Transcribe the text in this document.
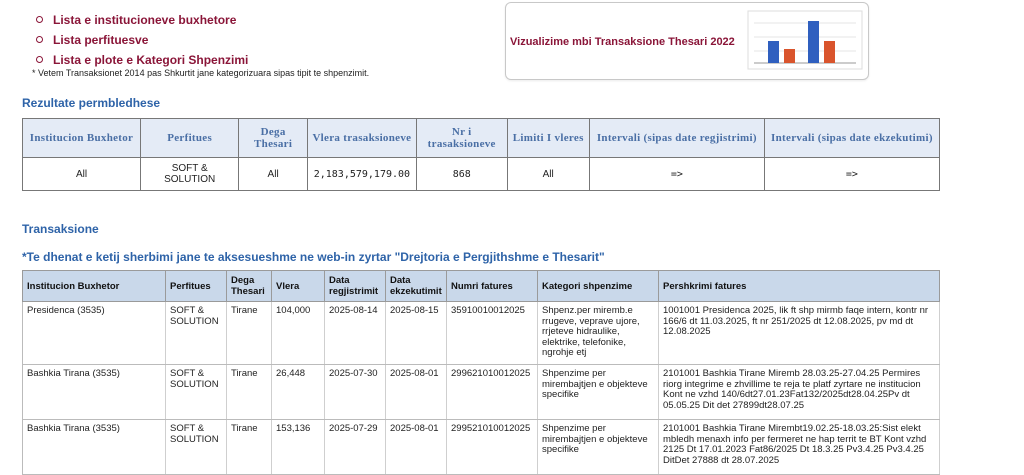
Lista e institucioneve buxhetore
Lista perfituesve
Lista e plote e Kategori Shpenzimi
* Vetem Transaksionet 2014 pas Shkurtit jane kategorizuara sipas tipit te shpenzimit.
Vizualizime mbi Transaksione Thesari 2022
Rezultate permbledhese
Institucion Buxhetor	Perfitues	Dega Thesari	Vlera trasaksioneve	Nr i trasaksioneve	Limiti I vleres	Intervali (sipas date regjistrimi)	Intervali (sipas date ekzekutimi)
All	SOFT & SOLUTION	All	2,183,579,179.00	868	All	=>	=>
Transaksione
*Te dhenat e ketij sherbimi jane te aksesueshme ne web-in zyrtar "Drejtoria e Pergjithshme e Thesarit"
Institucion Buxhetor	Perfitues	Dega Thesari	Vlera	Data regjistrimit	Data ekzekutimit	Numri fatures	Kategori shpenzime	Pershkrimi fatures
Presidenca (3535)	SOFT & SOLUTION	Tirane	104,000	2025-08-14	2025-08-15	35910010012025	Shpenz.per miremb.e rrugeve, veprave ujore, rrjeteve hidraulike, elektrike, telefonike, ngrohje etj	1001001 Presidenca 2025, lik ft shp mirmb faqe intern, kontr nr 166/6 dt 11.03.2025, ft nr 251/2025 dt 12.08.2025, pv md dt 12.08.2025
Bashkia Tirana (3535)	SOFT & SOLUTION	Tirane	26,448	2025-07-30	2025-08-01	299621010012025	Shpenzime per mirembajtjen e objekteve specifike	2101001 Bashkia Tirane Miremb 28.03.25-27.04.25 Permires riorg integrime e zhvillime te reja te platf zyrtare ne institucion Kont ne vzhd 140/6dt27.01.23Fat132/2025dt28.04.25Pv dt 05.05.25 Dit det 27899dt28.07.25
Bashkia Tirana (3535)	SOFT & SOLUTION	Tirane	153,136	2025-07-29	2025-08-01	299521010012025	Shpenzime per mirembajtjen e objekteve specifike	2101001 Bashkia Tirane Mirembt19.02.25-18.03.25:Sist elekt mbledh menaxh info per fermeret ne hap territ te BT Kont vzhd 2125 Dt 17.01.2023 Fat86/2025 Dt 18.3.25 Pv3.4.25 Pv3.4.25 DitDet 27888 dt 28.07.2025
